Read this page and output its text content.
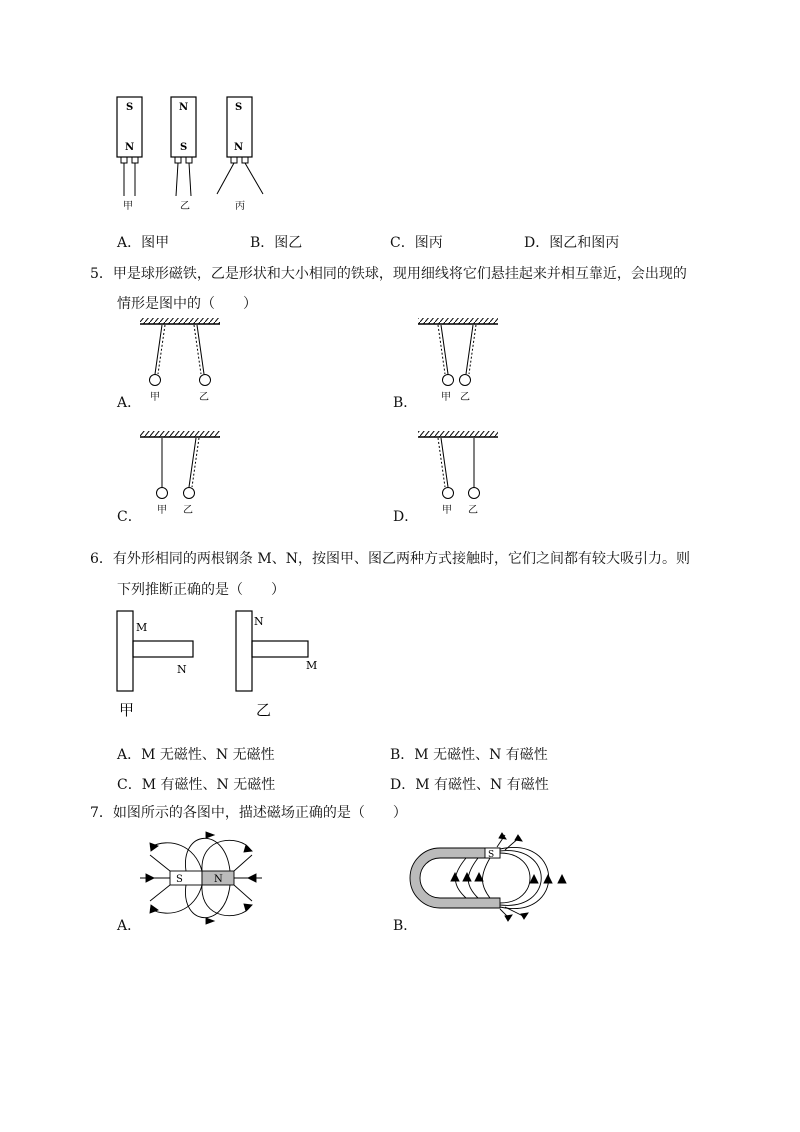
S
N
甲
N
S
乙
S
N
丙
A．图甲	B．图乙	C．图丙	D．图乙和图丙
5．甲是球形磁铁，乙是形状和大小相同的铁球，现用细线将它们悬挂起来并相互靠近，会出现的
情形是图中的（　　）
甲	乙	甲 乙
甲 乙	甲 乙
A．	B．
C．	D．
6．有外形相同的两根钢条 M、N，按图甲、图乙两种方式接触时，它们之间都有较大吸引力。则
下列推断正确的是（　　）
M
N
甲
N
M
乙
A．M 无磁性、N 无磁性	B．M 无磁性、N 有磁性
C．M 有磁性、N 无磁性	D．M 有磁性、N 有磁性
7．如图所示的各图中，描述磁场正确的是（　　）
S	N
S
A．	B．
